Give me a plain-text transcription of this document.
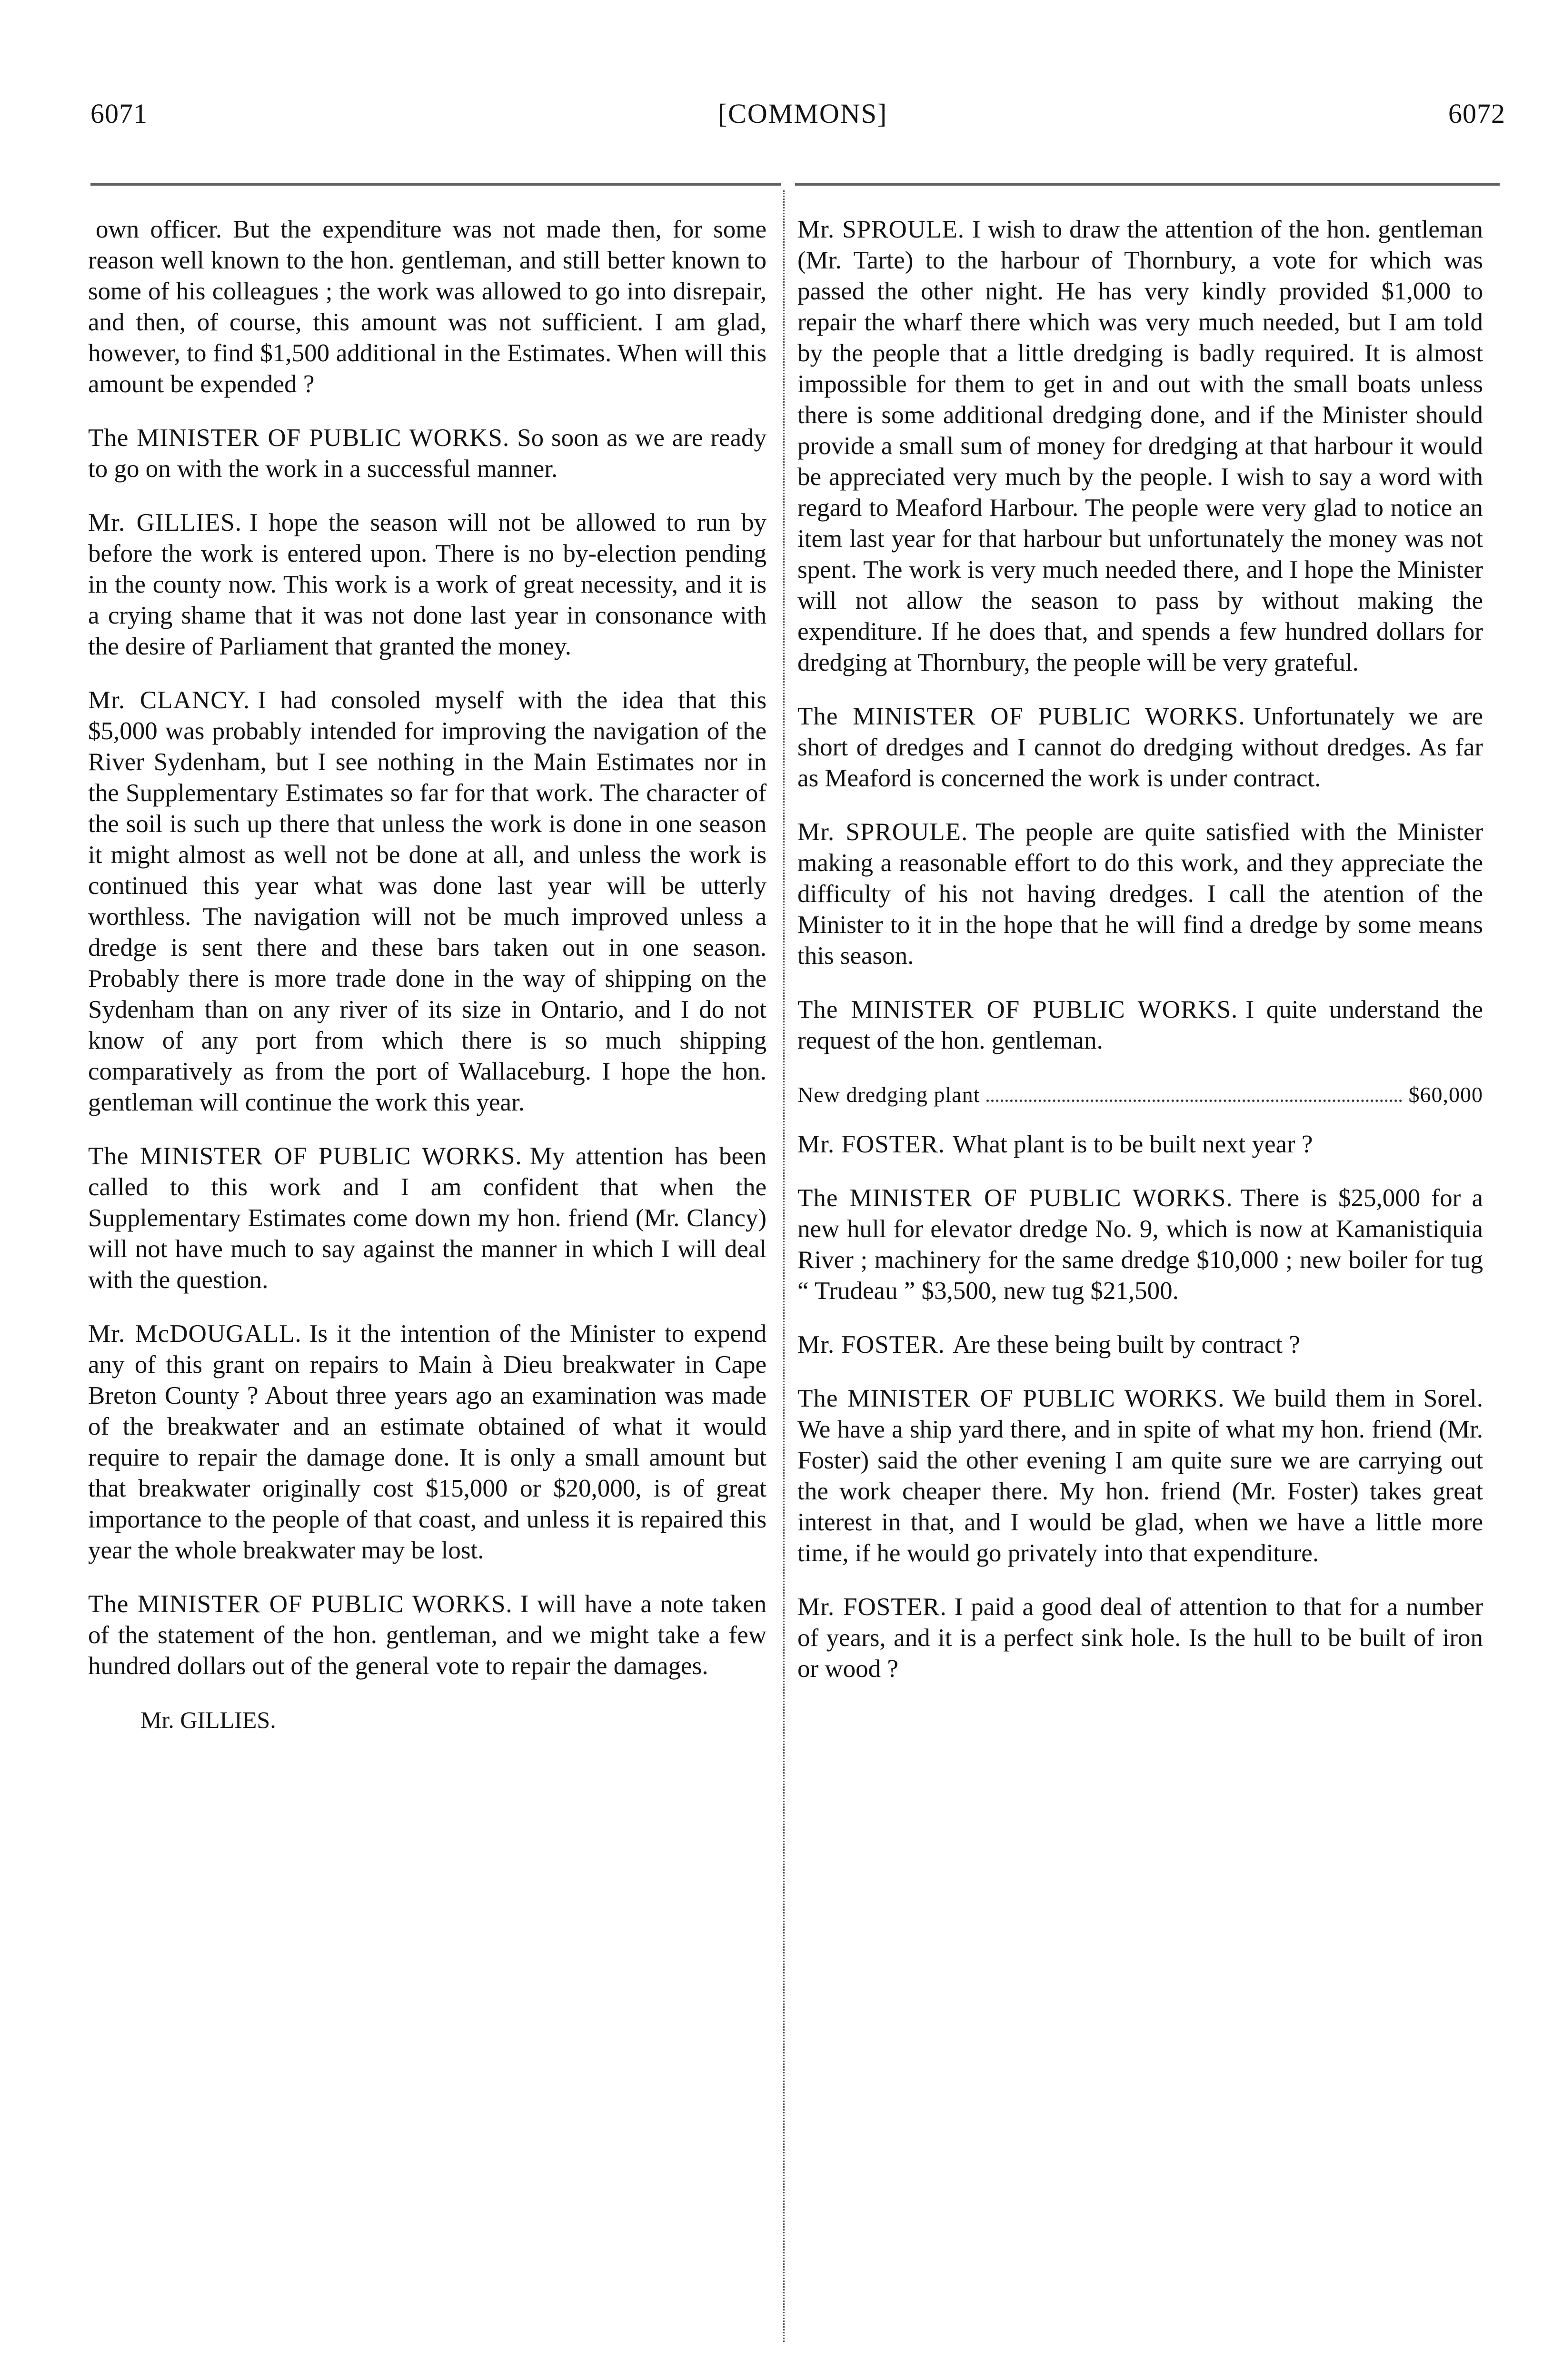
6071	[COMMONS]	6072

own officer. But the expenditure was not made then, for some reason well known to the hon. gentleman, and still better known to some of his colleagues ; the work was allowed to go into disrepair, and then, of course, this amount was not sufficient. I am glad, however, to find $1,500 additional in the Estimates. When will this amount be expended ?

The MINISTER OF PUBLIC WORKS. So soon as we are ready to go on with the work in a successful manner.

Mr. GILLIES. I hope the season will not be allowed to run by before the work is entered upon. There is no by-election pending in the county now. This work is a work of great necessity, and it is a crying shame that it was not done last year in consonance with the desire of Parliament that granted the money.

Mr. CLANCY. I had consoled myself with the idea that this $5,000 was probably intended for improving the navigation of the River Sydenham, but I see nothing in the Main Estimates nor in the Supplementary Estimates so far for that work. The character of the soil is such up there that unless the work is done in one season it might almost as well not be done at all, and unless the work is continued this year what was done last year will be utterly worthless. The navigation will not be much improved unless a dredge is sent there and these bars taken out in one season. Probably there is more trade done in the way of shipping on the Sydenham than on any river of its size in Ontario, and I do not know of any port from which there is so much shipping comparatively as from the port of Wallaceburg. I hope the hon. gentleman will continue the work this year.

The MINISTER OF PUBLIC WORKS. My attention has been called to this work and I am confident that when the Supplementary Estimates come down my hon. friend (Mr. Clancy) will not have much to say against the manner in which I will deal with the question.

Mr. McDOUGALL. Is it the intention of the Minister to expend any of this grant on repairs to Main à Dieu breakwater in Cape Breton County ? About three years ago an examination was made of the breakwater and an estimate obtained of what it would require to repair the damage done. It is only a small amount but that breakwater originally cost $15,000 or $20,000, is of great importance to the people of that coast, and unless it is repaired this year the whole breakwater may be lost.

The MINISTER OF PUBLIC WORKS. I will have a note taken of the statement of the hon. gentleman, and we might take a few hundred dollars out of the general vote to repair the damages.

Mr. GILLIES.

Mr. SPROULE. I wish to draw the attention of the hon. gentleman (Mr. Tarte) to the harbour of Thornbury, a vote for which was passed the other night. He has very kindly provided $1,000 to repair the wharf there which was very much needed, but I am told by the people that a little dredging is badly required. It is almost impossible for them to get in and out with the small boats unless there is some additional dredging done, and if the Minister should provide a small sum of money for dredging at that harbour it would be appreciated very much by the people. I wish to say a word with regard to Meaford Harbour. The people were very glad to notice an item last year for that harbour but unfortunately the money was not spent. The work is very much needed there, and I hope the Minister will not allow the season to pass by without making the expenditure. If he does that, and spends a few hundred dollars for dredging at Thornbury, the people will be very grateful.

The MINISTER OF PUBLIC WORKS. Unfortunately we are short of dredges and I cannot do dredging without dredges. As far as Meaford is concerned the work is under contract.

Mr. SPROULE. The people are quite satisfied with the Minister making a reasonable effort to do this work, and they appreciate the difficulty of his not having dredges. I call the atention of the Minister to it in the hope that he will find a dredge by some means this season.

The MINISTER OF PUBLIC WORKS. I quite understand the request of the hon. gentleman.

New dredging plant	$60,000

Mr. FOSTER. What plant is to be built next year ?

The MINISTER OF PUBLIC WORKS. There is $25,000 for a new hull for elevator dredge No. 9, which is now at Kamanistiquia River ; machinery for the same dredge $10,000 ; new boiler for tug “ Trudeau ” $3,500, new tug $21,500.

Mr. FOSTER. Are these being built by contract ?

The MINISTER OF PUBLIC WORKS. We build them in Sorel. We have a ship yard there, and in spite of what my hon. friend (Mr. Foster) said the other evening I am quite sure we are carrying out the work cheaper there. My hon. friend (Mr. Foster) takes great interest in that, and I would be glad, when we have a little more time, if he would go privately into that expenditure.

Mr. FOSTER. I paid a good deal of attention to that for a number of years, and it is a perfect sink hole. Is the hull to be built of iron or wood ?
